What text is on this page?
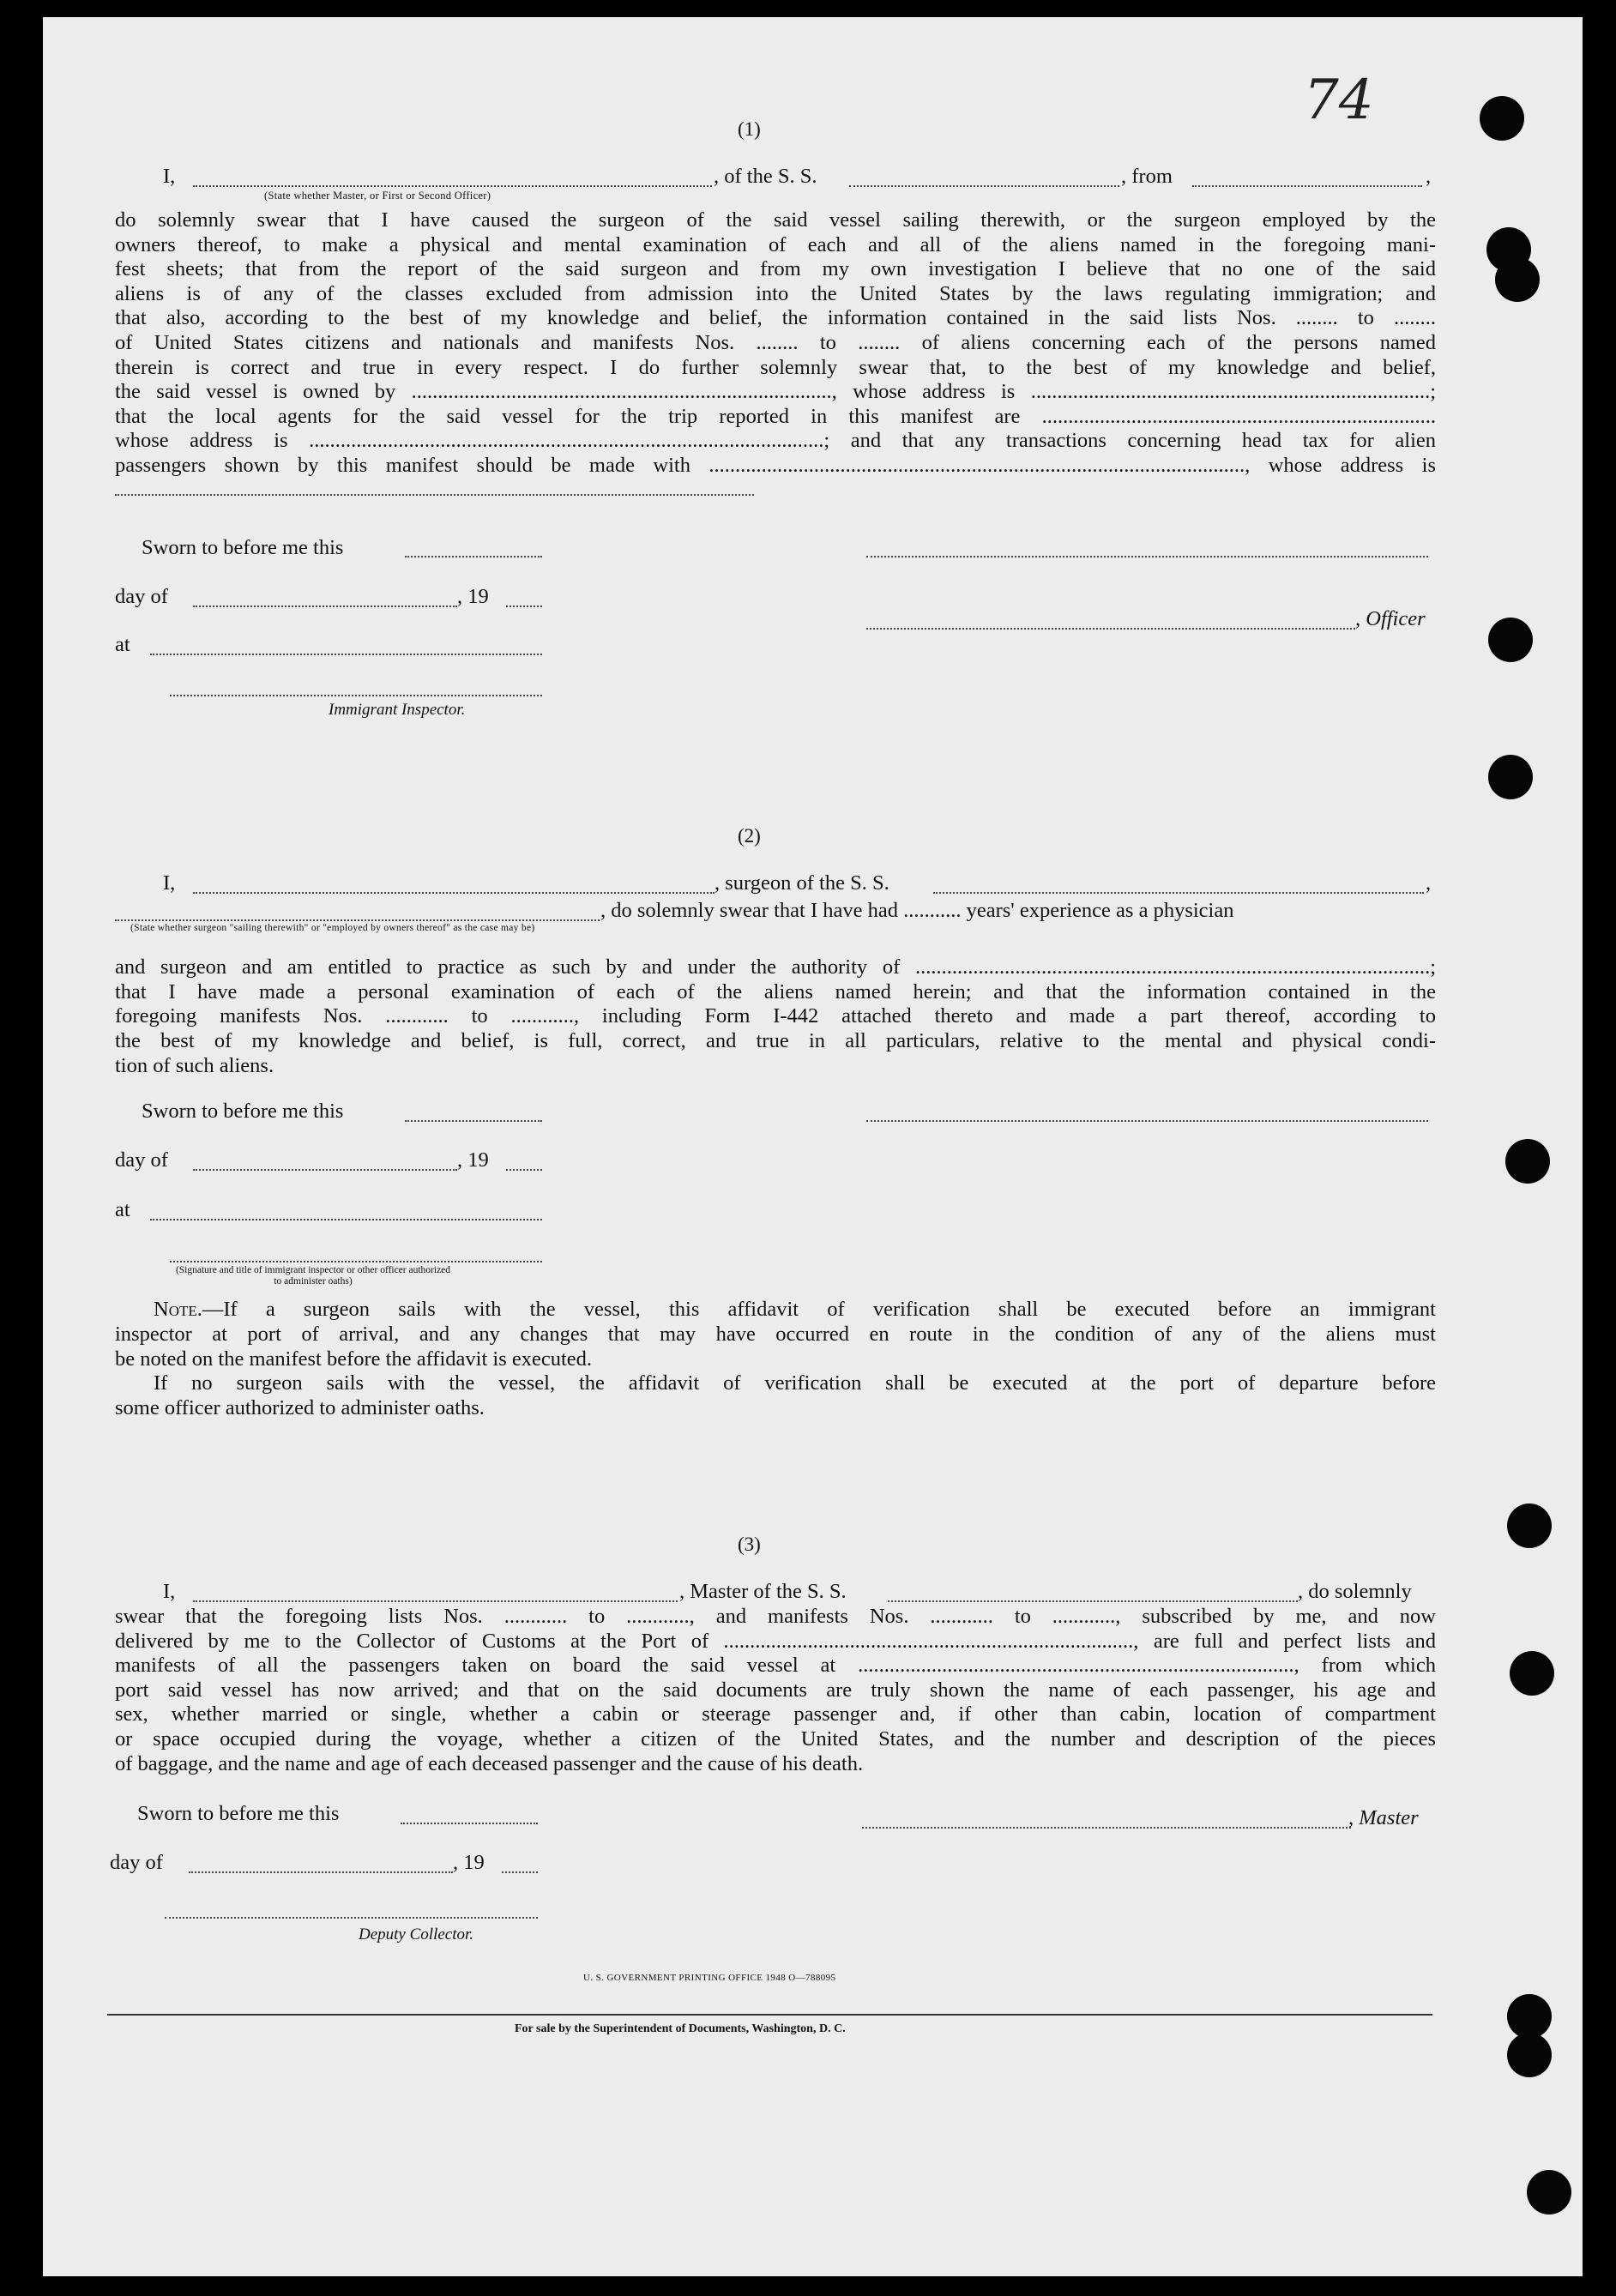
74
(1)
I,	, of the S. S.	, from	,
(State whether Master, or First or Second Officer)
do solemnly swear that I have caused the surgeon of the said vessel sailing therewith, or the surgeon employed by the
owners thereof, to make a physical and mental examination of each and all of the aliens named in the foregoing mani-
fest sheets; that from the report of the said surgeon and from my own investigation I believe that no one of the said
aliens is of any of the classes excluded from admission into the United States by the laws regulating immigration; and
that also, according to the best of my knowledge and belief, the information contained in the said lists Nos. ........ to ........
of United States citizens and nationals and manifests Nos. ........ to ........ of aliens concerning each of the persons named
therein is correct and true in every respect. I do further solemnly swear that, to the best of my knowledge and belief,
the said vessel is owned by ................................................................................, whose address is ............................................................................;
that the local agents for the said vessel for the trip reported in this manifest are ...........................................................................
whose address is ..................................................................................................; and that any transactions concerning head tax for alien
passengers shown by this manifest should be made with ......................................................................................................, whose address is
Sworn to before me this
day of	, 19
, Officer
at
Immigrant Inspector.
(2)
I,	, surgeon of the S. S.	,
, do solemnly swear that I have had ........... years' experience as a physician
(State whether surgeon "sailing therewith" or "employed by owners thereof" as the case may be)
and surgeon and am entitled to practice as such by and under the authority of ..................................................................................................;
that I have made a personal examination of each of the aliens named herein; and that the information contained in the
foregoing manifests Nos. ............ to ............, including Form I-442 attached thereto and made a part thereof, according to
the best of my knowledge and belief, is full, correct, and true in all particulars, relative to the mental and physical condi-
tion of such aliens.
Sworn to before me this
day of	, 19
at
(Signature and title of immigrant inspector or other officer authorized to administer oaths)
Note.—If a surgeon sails with the vessel, this affidavit of verification shall be executed before an immigrant
inspector at port of arrival, and any changes that may have occurred en route in the condition of any of the aliens must
be noted on the manifest before the affidavit is executed.
If no surgeon sails with the vessel, the affidavit of verification shall be executed at the port of departure before
some officer authorized to administer oaths.
(3)
I,	, Master of the S. S.	, do solemnly
swear that the foregoing lists Nos. ............ to ............, and manifests Nos. ............ to ............, subscribed by me, and now
delivered by me to the Collector of Customs at the Port of .............................................................................., are full and perfect lists and
manifests of all the passengers taken on board the said vessel at ..................................................................................., from which
port said vessel has now arrived; and that on the said documents are truly shown the name of each passenger, his age and
sex, whether married or single, whether a cabin or steerage passenger and, if other than cabin, location of compartment
or space occupied during the voyage, whether a citizen of the United States, and the number and description of the pieces
of baggage, and the name and age of each deceased passenger and the cause of his death.
Sworn to before me this	, Master
day of	, 19
Deputy Collector.
U. S. GOVERNMENT PRINTING OFFICE 1948 O—788095
For sale by the Superintendent of Documents, Washington, D. C.
